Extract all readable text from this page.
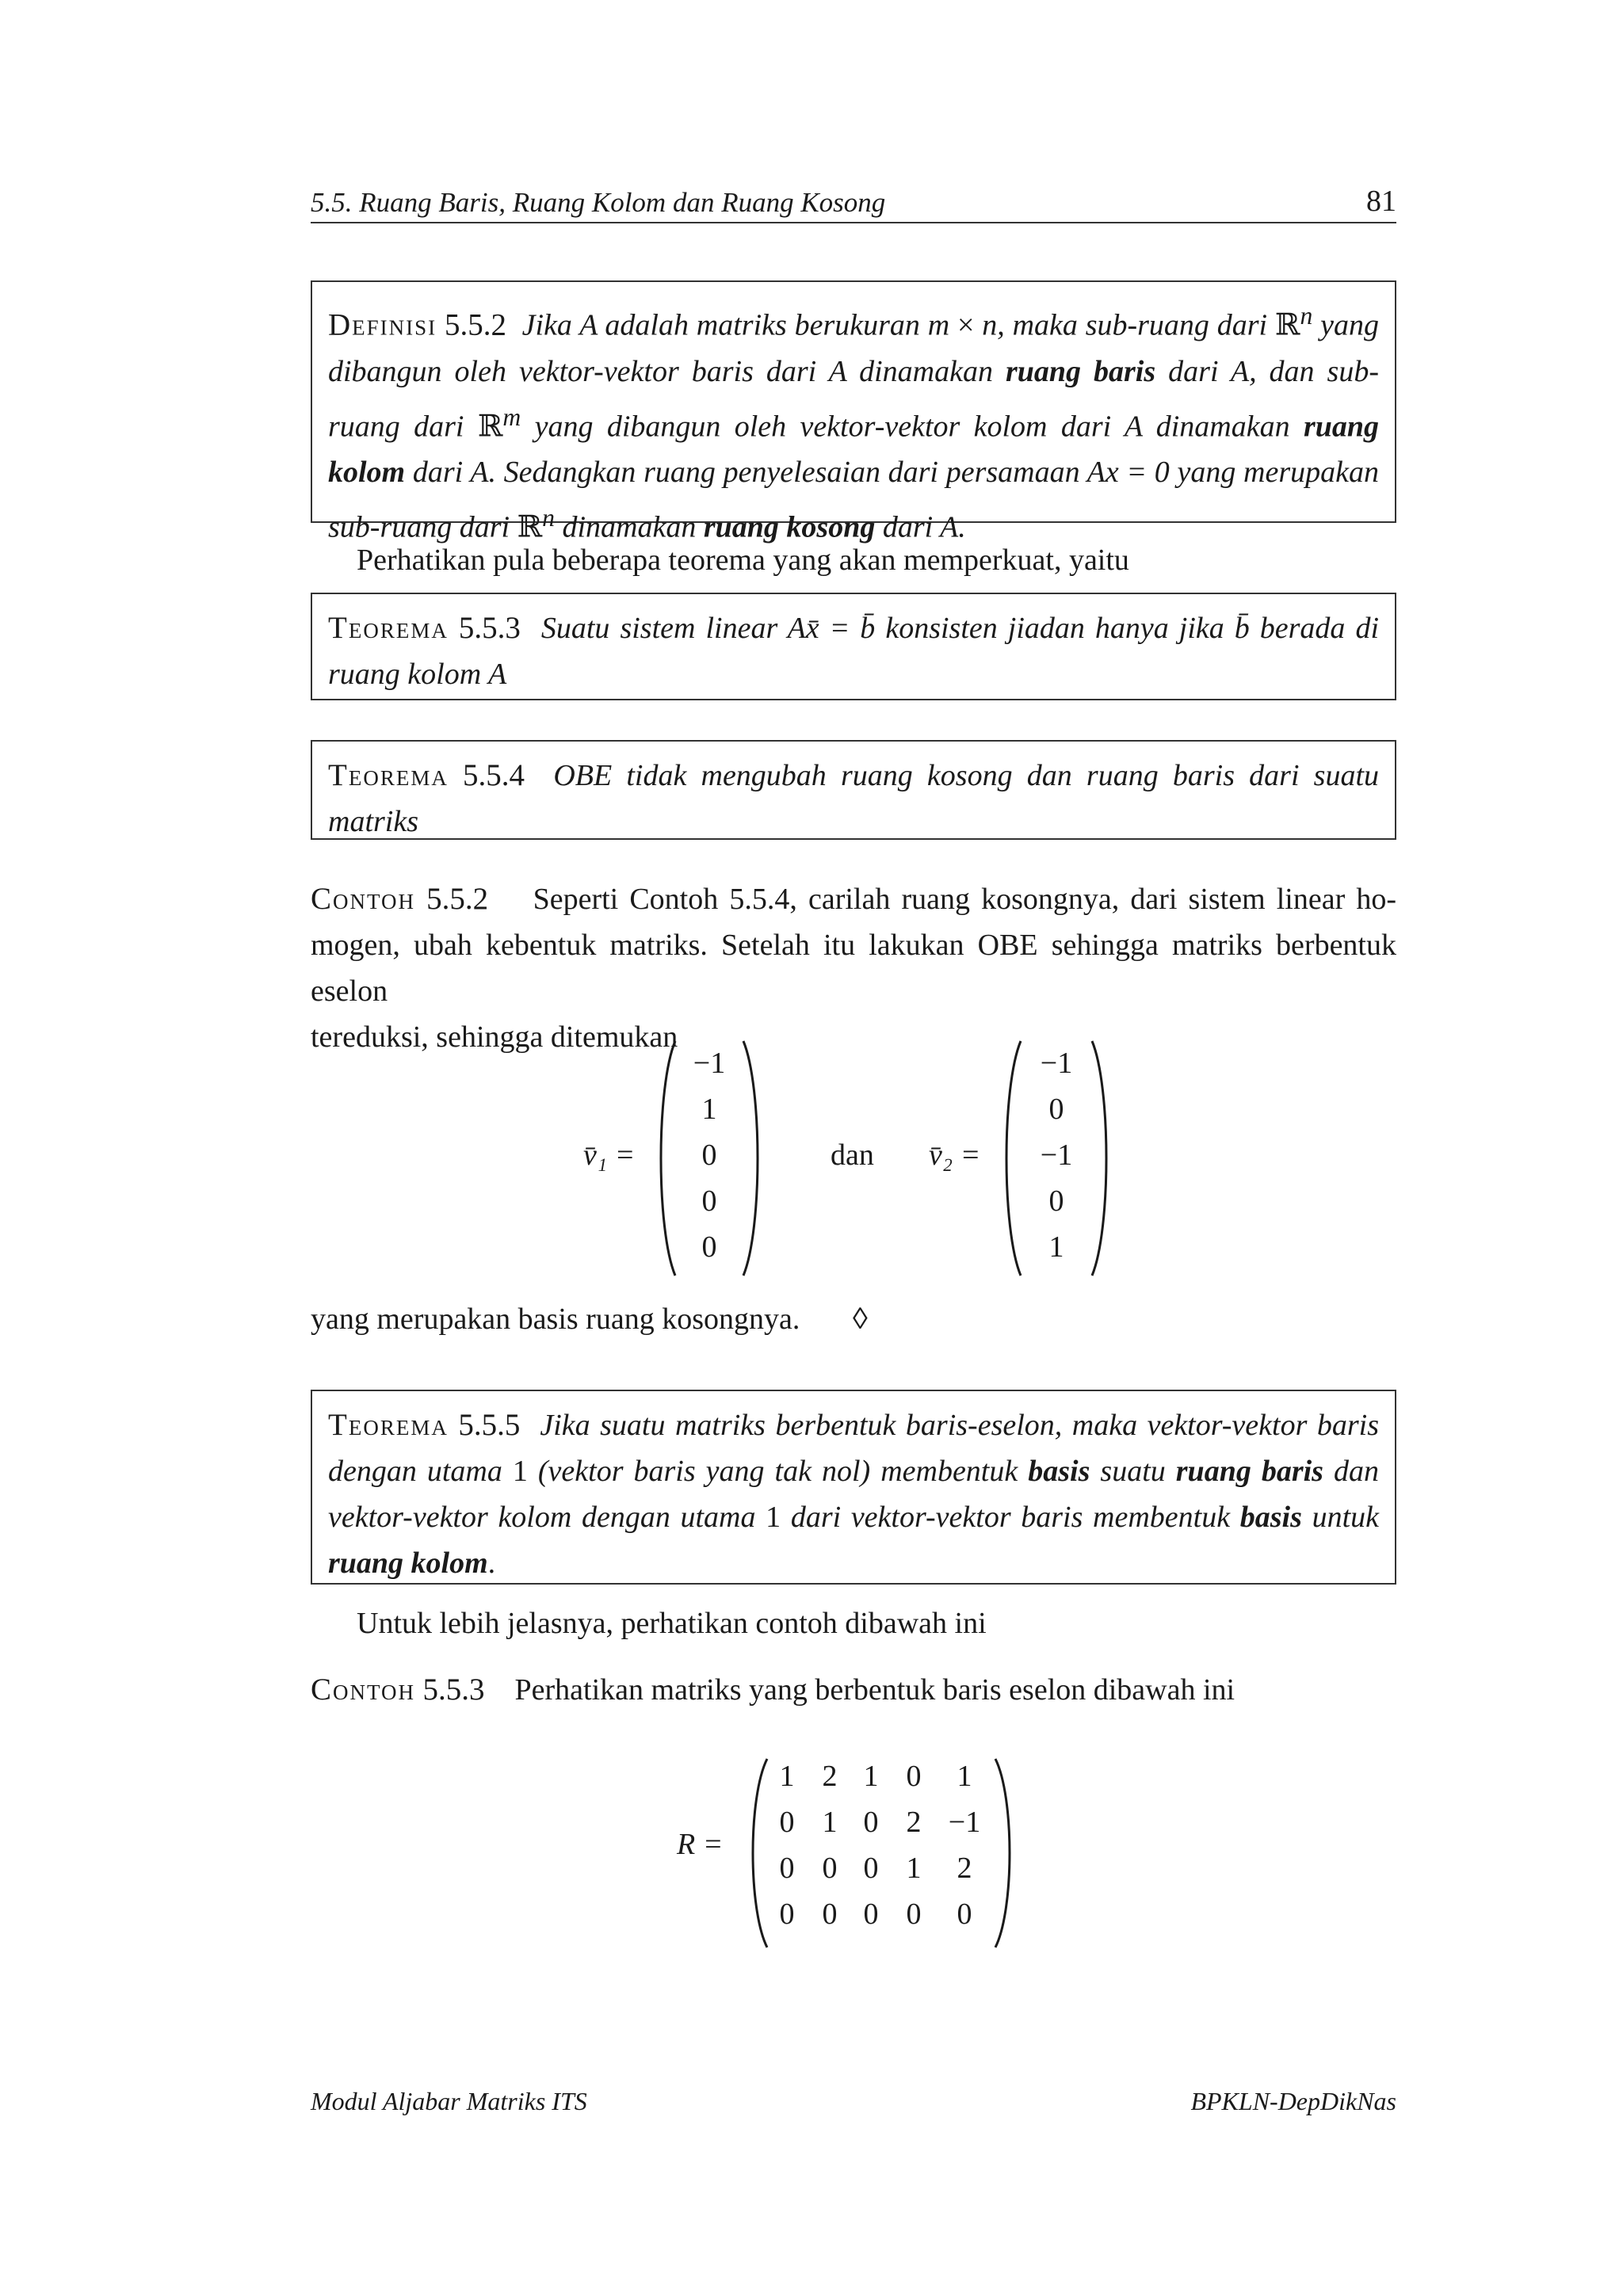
5.5. Ruang Baris, Ruang Kolom dan Ruang Kosong	81

Definisi 5.5.2 Jika A adalah matriks berukuran m × n, maka sub-ruang dari ℝ$^n$ yang dibangun oleh vektor-vektor baris dari A dinamakan ruang baris dari A, dan sub-ruang dari ℝ$^m$ yang dibangun oleh vektor-vektor kolom dari A dinamakan ruang kolom dari A. Sedangkan ruang penyelesaian dari persamaan Ax = 0 yang merupakan sub-ruang dari ℝ$^n$ dinamakan ruang kosong dari A.

Perhatikan pula beberapa teorema yang akan memperkuat, yaitu

Teorema 5.5.3 Suatu sistem linear Ax̄ = b̄ konsisten jiadan hanya jika b̄ berada di ruang kolom A

Teorema 5.5.4 OBE tidak mengubah ruang kosong dan ruang baris dari suatu matriks

Contoh 5.5.2 Seperti Contoh 5.5.4, carilah ruang kosongnya, dari sistem linear ho-
mogen, ubah kebentuk matriks. Setelah itu lakukan OBE sehingga matriks berbentuk eselon
tereduksi, sehingga ditemukan
v̄₁ =
−1
1
0
0
0
dan v̄₂ =
−1
0
−1
0
1
yang merupakan basis ruang kosongnya. ◊

Teorema 5.5.5 Jika suatu matriks berbentuk baris-eselon, maka vektor-vektor baris dengan utama 1 (vektor baris yang tak nol) membentuk basis suatu ruang baris dan vektor-vektor kolom dengan utama 1 dari vektor-vektor baris membentuk basis untuk ruang kolom.

Untuk lebih jelasnya, perhatikan contoh dibawah ini
Contoh 5.5.3 Perhatikan matriks yang berbentuk baris eselon dibawah ini
R =
1 2 1 0	1
0 1 0 2 −1
0 0 0 1	2
0 0 0 0	0
Modul Aljabar Matriks ITS	BPKLN-DepDikNas
